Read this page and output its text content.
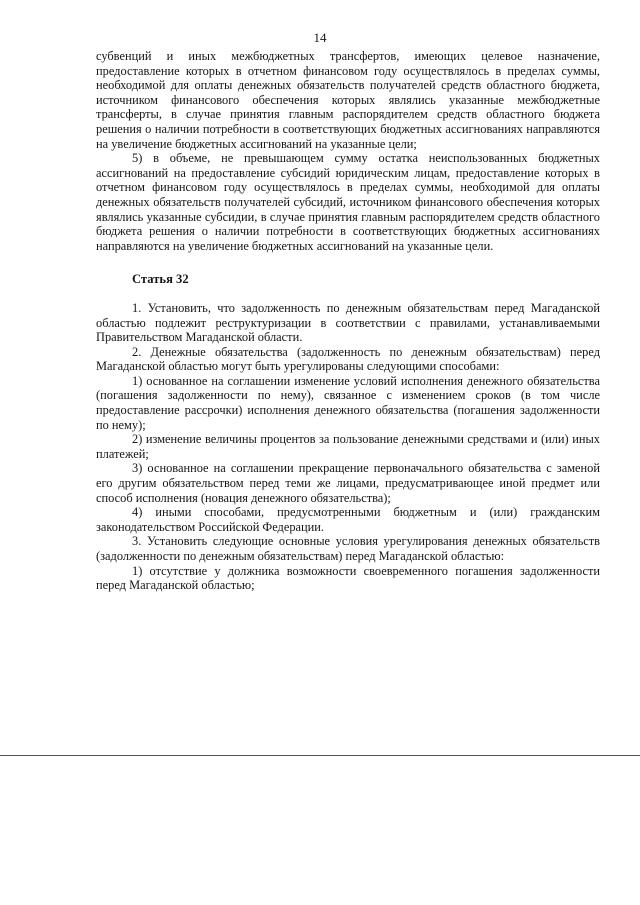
14

субвенций и иных межбюджетных трансфертов, имеющих целевое назначение, предоставление которых в отчетном финансовом году осуществлялось в пределах суммы, необходимой для оплаты денежных обязательств получателей средств областного бюджета, источником финансового обеспечения которых являлись указанные межбюджетные трансферты, в случае принятия главным распорядителем средств областного бюджета решения о наличии потребности в соответствующих бюджетных ассигнованиях направляются на увеличение бюджетных ассигнований на указанные цели;

5) в объеме, не превышающем сумму остатка неиспользованных бюджетных ассигнований на предоставление субсидий юридическим лицам, предоставление которых в отчетном финансовом году осуществлялось в пределах суммы, необходимой для оплаты денежных обязательств получателей субсидий, источником финансового обеспечения которых являлись указанные субсидии, в случае принятия главным распорядителем средств областного бюджета решения о наличии потребности в соответствующих бюджетных ассигнованиях направляются на увеличение бюджетных ассигнований на указанные цели.

Статья 32

1. Установить, что задолженность по денежным обязательствам перед Магаданской областью подлежит реструктуризации в соответствии с правилами, устанавливаемыми Правительством Магаданской области.

2. Денежные обязательства (задолженность по денежным обязательствам) перед Магаданской областью могут быть урегулированы следующими способами:

1) основанное на соглашении изменение условий исполнения денежного обязательства (погашения задолженности по нему), связанное с изменением сроков (в том числе предоставление рассрочки) исполнения денежного обязательства (погашения задолженности по нему);

2) изменение величины процентов за пользование денежными средствами и (или) иных платежей;

3) основанное на соглашении прекращение первоначального обязательства с заменой его другим обязательством перед теми же лицами, предусматривающее иной предмет или способ исполнения (новация денежного обязательства);

4) иными способами, предусмотренными бюджетным и (или) гражданским законодательством Российской Федерации.

3. Установить следующие основные условия урегулирования денежных обязательств (задолженности по денежным обязательствам) перед Магаданской областью:

1) отсутствие у должника возможности своевременного погашения задолженности перед Магаданской областью;
